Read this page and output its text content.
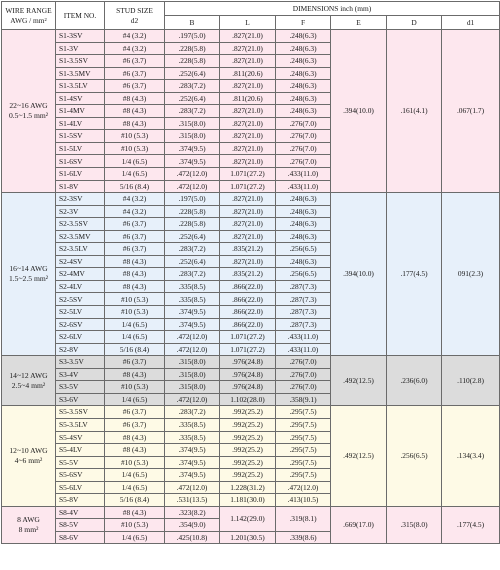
WIRE RANGE
AWG / mm²	ITEM NO.	STUD SIZE
d2	DIMENSIONS inch (mm)					
			B	L	F	E	D	d1

22~16 AWG
0.5~1.5 mm²	S1-3SV	#4 (3.2)	.197(5.0)	.827(21.0)	.248(6.3)	.394(10.0)	.161(4.1)	.067(1.7)
	S1-3V	#4 (3.2)	.228(5.8)	.827(21.0)	.248(6.3)			
	S1-3.5SV	#6 (3.7)	.228(5.8)	.827(21.0)	.248(6.3)			
	S1-3.5MV	#6 (3.7)	.252(6.4)	.811(20.6)	.248(6.3)			
	S1-3.5LV	#6 (3.7)	.283(7.2)	.827(21.0)	.248(6.3)			
	S1-4SV	#8 (4.3)	.252(6.4)	.811(20.6)	.248(6.3)			
	S1-4MV	#8 (4.3)	.283(7.2)	.827(21.0)	.248(6.3)			
	S1-4LV	#8 (4.3)	.315(8.0)	.827(21.0)	.276(7.0)			
	S1-5SV	#10 (5.3)	.315(8.0)	.827(21.0)	.276(7.0)			
	S1-5LV	#10 (5.3)	.374(9.5)	.827(21.0)	.276(7.0)			
	S1-6SV	1/4 (6.5)	.374(9.5)	.827(21.0)	.276(7.0)			
	S1-6LV	1/4 (6.5)	.472(12.0)	1.071(27.2)	.433(11.0)			
	S1-8V	5/16 (8.4)	.472(12.0)	1.071(27.2)	.433(11.0)			

16~14 AWG
1.5~2.5 mm²	S2-3SV	#4 (3.2)	.197(5.0)	.827(21.0)	.248(6.3)	.394(10.0)	.177(4.5)	091(2.3)
	S2-3V	#4 (3.2)	.228(5.8)	.827(21.0)	.248(6.3)			
	S2-3.5SV	#6 (3.7)	.228(5.8)	.827(21.0)	.248(6.3)			
	S2-3.5MV	#6 (3.7)	.252(6.4)	.827(21.0)	.248(6.3)			
	S2-3.5LV	#6 (3.7)	.283(7.2)	.835(21.2)	.256(6.5)			
	S2-4SV	#8 (4.3)	.252(6.4)	.827(21.0)	.248(6.3)			
	S2-4MV	#8 (4.3)	.283(7.2)	.835(21.2)	.256(6.5)			
	S2-4LV	#8 (4.3)	.335(8.5)	.866(22.0)	.287(7.3)			
	S2-5SV	#10 (5.3)	.335(8.5)	.866(22.0)	.287(7.3)			
	S2-5LV	#10 (5.3)	.374(9.5)	.866(22.0)	.287(7.3)			
	S2-6SV	1/4 (6.5)	.374(9.5)	.866(22.0)	.287(7.3)			
	S2-6LV	1/4 (6.5)	.472(12.0)	1.071(27.2)	.433(11.0)			
	S2-8V	5/16 (8.4)	.472(12.0)	1.071(27.2)	.433(11.0)			

14~12 AWG
2.5~4 mm²	S3-3.5V	#6 (3.7)	.315(8.0)	.976(24.8)	.276(7.0)	.492(12.5)	.236(6.0)	.110(2.8)
	S3-4V	#8 (4.3)	.315(8.0)	.976(24.8)	.276(7.0)			
	S3-5V	#10 (5.3)	.315(8.0)	.976(24.8)	.276(7.0)			
	S3-6V	1/4 (6.5)	.472(12.0)	1.102(28.0)	.358(9.1)			

12~10 AWG
4~6 mm²	S5-3.5SV	#6 (3.7)	.283(7.2)	.992(25.2)	.295(7.5)	.492(12.5)	.256(6.5)	.134(3.4)
	S5-3.5LV	#6 (3.7)	.335(8.5)	.992(25.2)	.295(7.5)			
	S5-4SV	#8 (4.3)	.335(8.5)	.992(25.2)	.295(7.5)			
	S5-4LV	#8 (4.3)	.374(9.5)	.992(25.2)	.295(7.5)			
	S5-5V	#10 (5.3)	.374(9.5)	.992(25.2)	.295(7.5)			
	S5-6SV	1/4 (6.5)	.374(9.5)	.992(25.2)	.295(7.5)			
	S5-6LV	1/4 (6.5)	.472(12.0)	1.228(31.2)	.472(12.0)			
	S5-8V	5/16 (8.4)	.531(13.5)	1.181(30.0)	.413(10.5)			

8 AWG
8 mm²	S8-4V	#8 (4.3)	.323(8.2)	1.142(29.0)	.319(8.1)	.669(17.0)	.315(8.0)	.177(4.5)
	S8-5V	#10 (5.3)	.354(9.0)					
	S8-6V	1/4 (6.5)	.425(10.8)	1.201(30.5)	.339(8.6)			
